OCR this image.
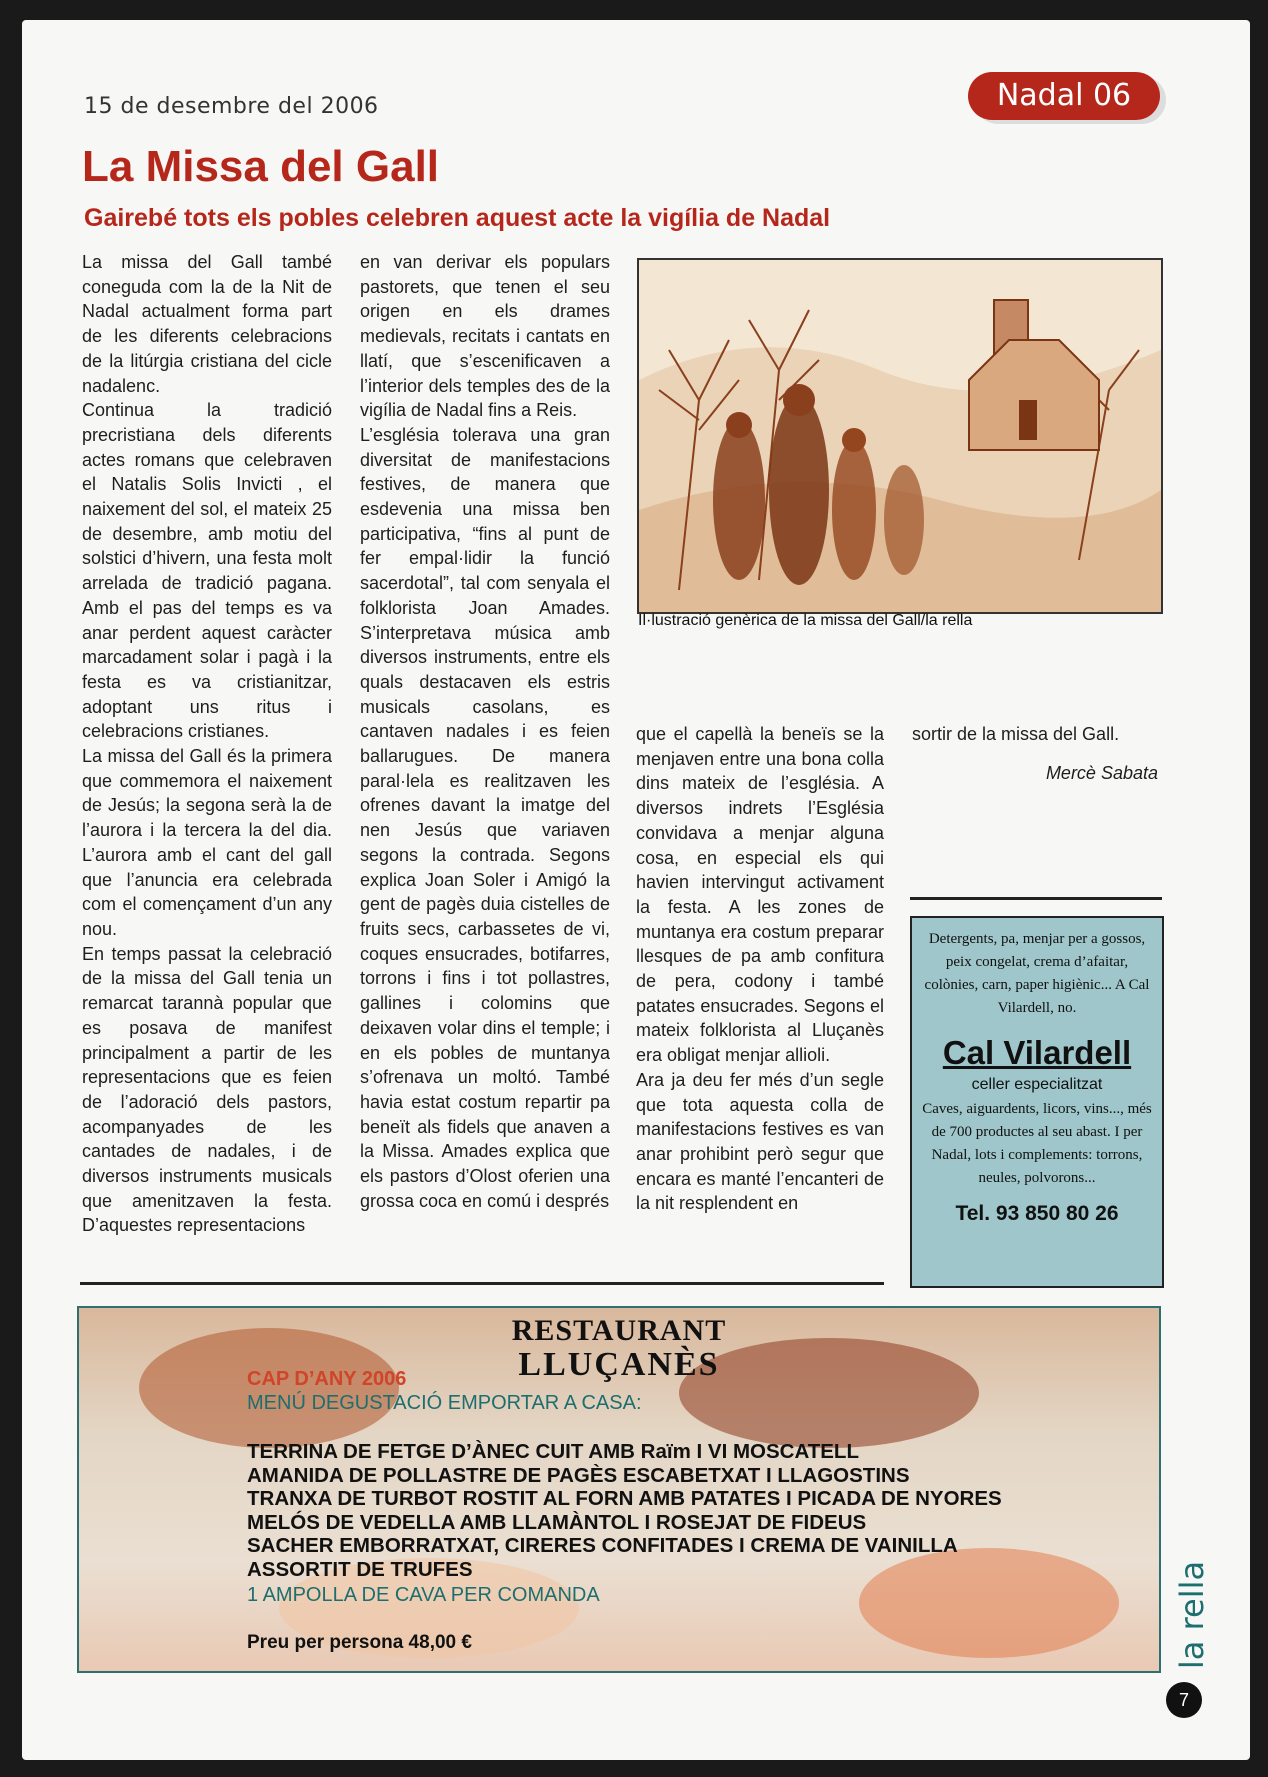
15 de desembre del 2006	Nadal 06
La Missa del Gall
Gairebé tots els pobles celebren aquest acte la vigília de Nadal

La missa del Gall també coneguda com la de la Nit de Nadal actualment forma part de les diferents celebracions de la litúrgia cristiana del cicle nadalenc.

Continua la tradició precristiana dels diferents actes romans que celebraven el Natalis Solis Invicti , el naixement del sol, el mateix 25 de desembre, amb motiu del solstici d’hivern, una festa molt arrelada de tradició pagana. Amb el pas del temps es va anar perdent aquest caràcter marcadament solar i pagà i la festa es va cristianitzar, adoptant uns ritus i celebracions cristianes.

La missa del Gall és la primera que commemora el naixement de Jesús; la segona serà la de l’aurora i la tercera la del dia. L’aurora amb el cant del gall que l’anuncia era celebrada com el començament d’un any nou.

En temps passat la celebració de la missa del Gall tenia un remarcat tarannà popular que es posava de manifest principalment a partir de les representacions que es feien de l’adoració dels pastors, acompanyades de les cantades de nadales, i de diversos instruments musicals que amenitzaven la festa. D’aquestes representacions

en van derivar els populars pastorets, que tenen el seu origen en els drames medievals, recitats i cantats en llatí, que s’escenificaven a l’interior dels temples des de la vigília de Nadal fins a Reis.

L’església tolerava una gran diversitat de manifestacions festives, de manera que esdevenia una missa ben participativa, “fins al punt de fer empal·lidir la funció sacerdotal”, tal com senyala el folklorista Joan Amades. S’interpretava música amb diversos instruments, entre els quals destacaven els estris musicals casolans, es cantaven nadales i es feien ballarugues. De manera paral·lela es realitzaven les ofrenes davant la imatge del nen Jesús que variaven segons la contrada. Segons explica Joan Soler i Amigó la gent de pagès duia cistelles de fruits secs, carbassetes de vi, coques ensucrades, botifarres, torrons i fins i tot pollastres, gallines i colomins que deixaven volar dins el temple; i en els pobles de muntanya s’ofrenava un moltó. També havia estat costum repartir pa beneït als fidels que anaven a la Missa. Amades explica que els pastors d’Olost oferien una grossa coca en comú i després

Il·lustració genèrica de la missa del Gall/la rella

que el capellà la beneïs se la menjaven entre una bona colla dins mateix de l’església. A diversos indrets l’Església convidava a menjar alguna cosa, en especial els qui havien intervingut activament la festa. A les zones de muntanya era costum preparar llesques de pa amb confitura de pera, codony i també patates ensucrades. Segons el mateix folklorista al Lluçanès era obligat menjar allioli.

Ara ja deu fer més d’un segle que tota aquesta colla de manifestacions festives es van anar prohibint però segur que encara es manté l’encanteri de la nit resplendent en

sortir de la missa del Gall.

Mercè Sabata

Detergents, pa, menjar per a gossos, peix congelat, crema d’afaitar, colònies, carn, paper higiènic... A Cal Vilardell, no.
Cal Vilardell
celler especialitzat
Caves, aiguardents, licors, vins..., més de 700 productes al seu abast. I per Nadal, lots i complements: torrons, neules, polvorons...
Tel. 93 850 80 26
RESTAURANT
LLUÇANÈS
CAP D’ANY 2006
MENÚ DEGUSTACIÓ EMPORTAR A CASA:
TERRINA DE FETGE D’ÀNEC CUIT AMB Raïm I VI MOSCATELL
AMANIDA DE POLLASTRE DE PAGÈS ESCABETXAT I LLAGOSTINS
TRANXA DE TURBOT ROSTIT AL FORN AMB PATATES I PICADA DE NYORES
MELÓS DE VEDELLA AMB LLAMÀNTOL I ROSEJAT DE FIDEUS
SACHER EMBORRATXAT, CIRERES CONFITADES I CREMA DE VAINILLA
ASSORTIT DE TRUFES
1 AMPOLLA DE CAVA PER COMANDA
Preu per persona 48,00 €	la rella
7
